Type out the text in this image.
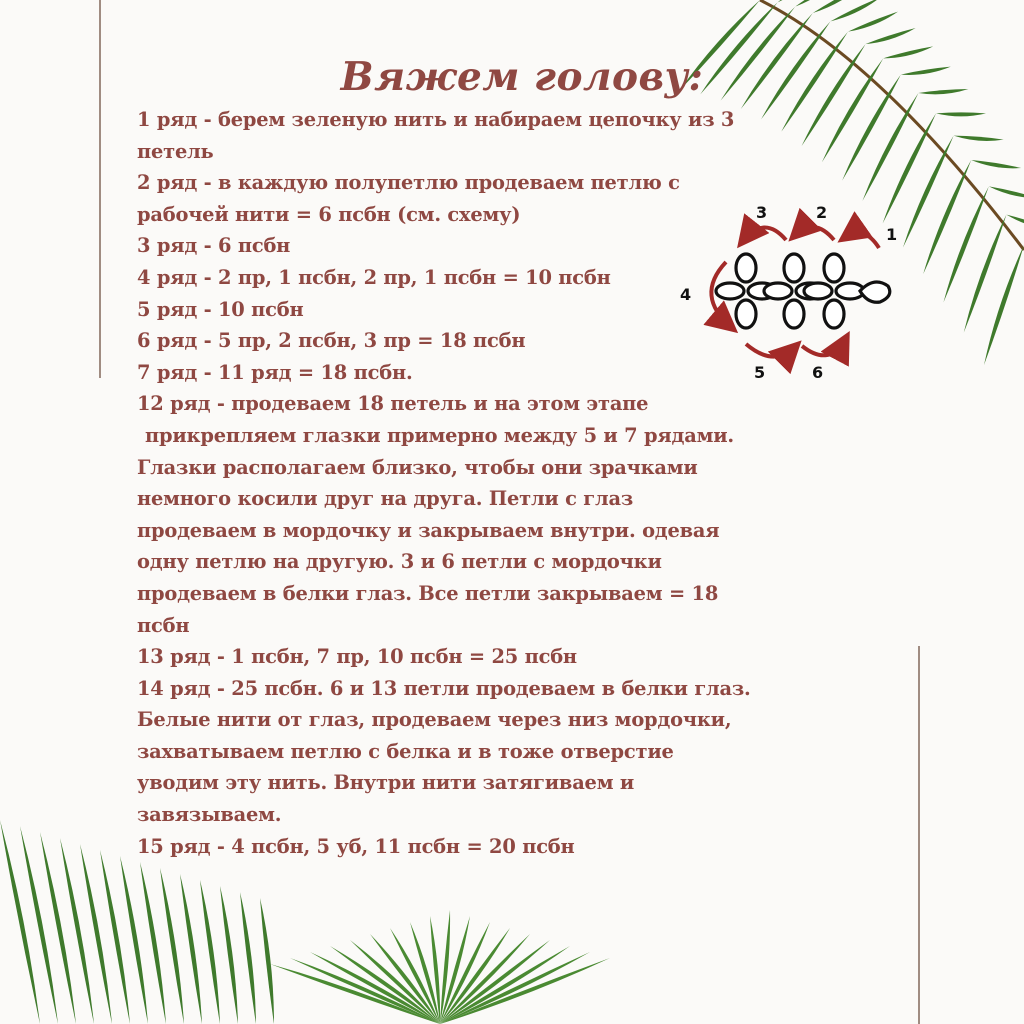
Вяжем голову:
1 ряд - берем зеленую нить и набираем цепочку из 3
петель
2 ряд - в каждую полупетлю продеваем петлю с
рабочей нити = 6 псбн (см. схему)
3 ряд - 6 псбн
4 ряд - 2 пр, 1 псбн, 2 пр, 1 псбн = 10 псбн
5 ряд - 10 псбн
6 ряд - 5 пр, 2 псбн, 3 пр = 18 псбн
7 ряд - 11 ряд = 18 псбн.
12 ряд - продеваем 18 петель и на этом этапе
прикрепляем глазки примерно между 5 и 7 рядами.
Глазки располагаем близко, чтобы они зрачками
немного косили друг на друга. Петли с глаз
продеваем в мордочку и закрываем внутри. одевая
одну петлю на другую. 3 и 6 петли с мордочки
продеваем в белки глаз. Все петли закрываем = 18
псбн
13 ряд - 1 псбн, 7 пр, 10 псбн = 25 псбн
14 ряд - 25 псбн. 6 и 13 петли продеваем в белки глаз.
Белые нити от глаз, продеваем через низ мордочки,
захватываем петлю с белка и в тоже отверстие
уводим эту нить. Внутри нити затягиваем и
завязываем.
15 ряд - 4 псбн, 5 уб, 11 псбн = 20 псбн
1
2
3
4
5	6
